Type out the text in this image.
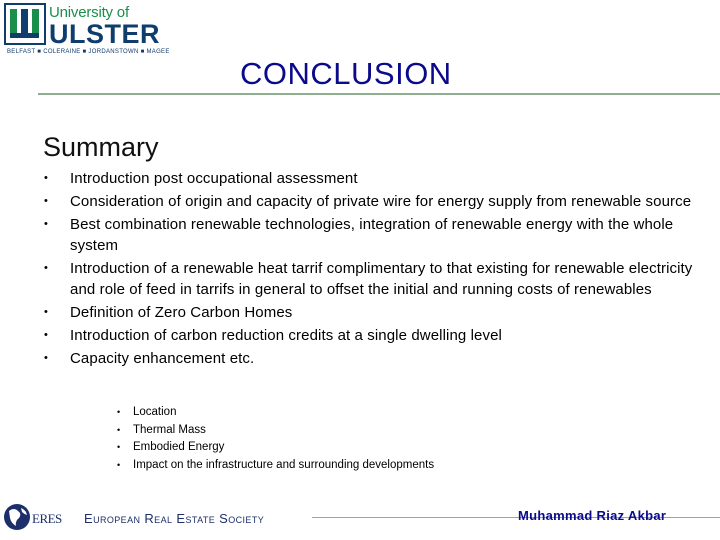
University of
ULSTER
BELFAST ■ COLERAINE ■ JORDANSTOWN ■ MAGEE
CONCLUSION
Summary
• Introduction post occupational assessment
• Consideration of origin and capacity of private wire for energy supply from renewable source
• Best combination renewable technologies, integration of renewable energy with the whole system
• Introduction of a renewable heat tarrif complimentary to that existing for renewable electricity and role of feed in tarrifs in general to offset the initial and running costs of renewables
• Definition of Zero Carbon Homes
• Introduction of carbon reduction credits at a single dwelling level
• Capacity enhancement etc.
• Location
• Thermal Mass
• Embodied Energy
• Impact on the infrastructure and surrounding developments
ERES European Real Estate Society	Muhammad Riaz Akbar
